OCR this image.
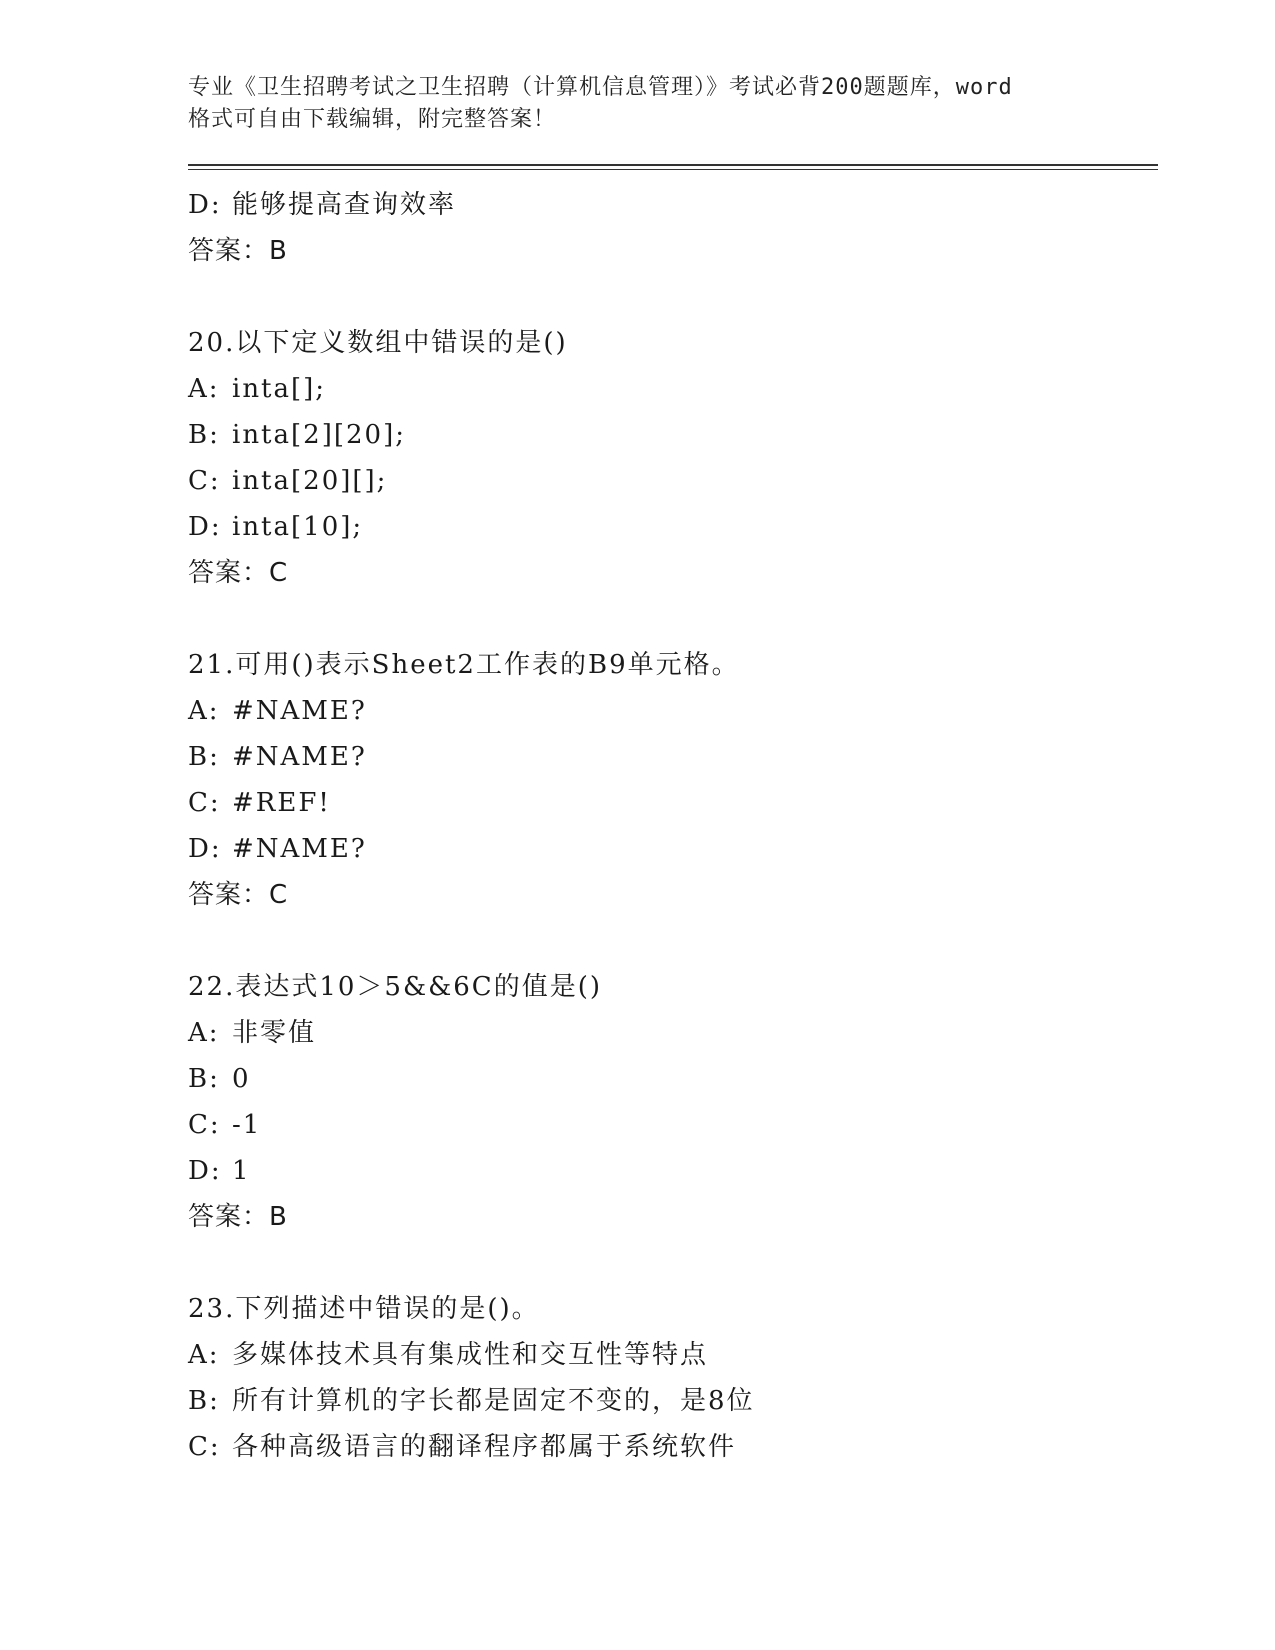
专业《卫生招聘考试之卫生招聘（计算机信息管理）》考试必背200题题库，word
格式可自由下载编辑，附完整答案！
D: 能够提高查询效率
答案：B
20.以下定义数组中错误的是()
A: inta[];
B: inta[2][20];
C: inta[20][];
D: inta[10];
答案：C
21.可用()表示Sheet2工作表的B9单元格。
A: #NAME?
B: #NAME?
C: #REF!
D: #NAME?
答案：C
22.表达式10＞5&&6C的值是()
A: 非零值
B: 0
C: -1
D: 1
答案：B
23.下列描述中错误的是()。
A: 多媒体技术具有集成性和交互性等特点
B: 所有计算机的字长都是固定不变的，是8位
C: 各种高级语言的翻译程序都属于系统软件
